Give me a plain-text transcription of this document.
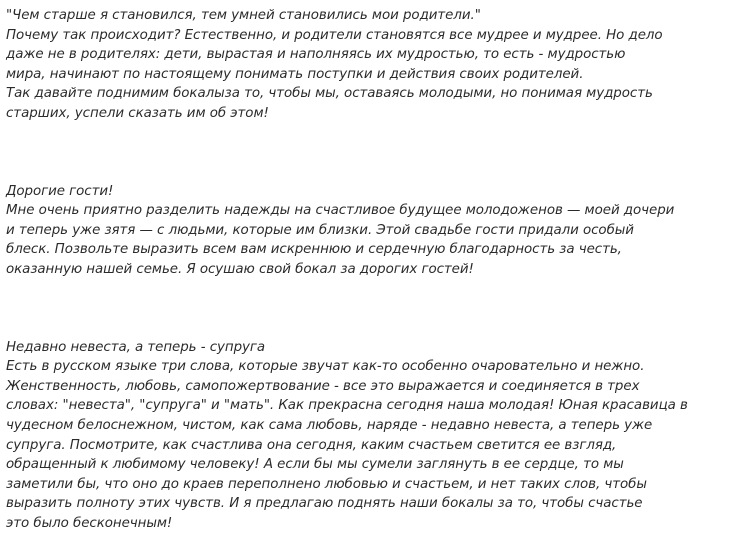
"Чем старше я становился, тем умней становились мои родители."
Почему так происходит? Естественно, и родители становятся все мудрее и мудрее. Но дело
даже не в родителях: дети, вырастая и наполняясь их мудростью, то есть - мудростью
мира, начинают по настоящему понимать поступки и действия своих родителей.
Так давайте поднимим бокалыза то, чтобы мы, оставаясь молодыми, но понимая мудрость
старших, успели сказать им об этом!
Дорогие гости!
Мне очень приятно разделить надежды на счастливое будущее молодоженов — моей дочери
и теперь уже зятя — с людьми, которые им близки. Этой свадьбе гости придали особый
блеск. Позвольте выразить всем вам искреннюю и сердечную благодарность за честь,
оказанную нашей семье. Я осушаю свой бокал за дорогих гостей!
Недавно невеста, а теперь - супруга
Есть в русском языке три слова, которые звучат как-то особенно очаровательно и нежно.
Женственность, любовь, самопожертвование - все это выражается и соединяется в трех
словах: "невеста", "супруга" и "мать". Как прекрасна сегодня наша молодая! Юная красавица в
чудесном белоснежном, чистом, как сама любовь, наряде - недавно невеста, а теперь уже
супруга. Посмотрите, как счастлива она сегодня, каким счастьем светится ее взгляд,
обращенный к любимому человеку! А если бы мы сумели заглянуть в ее сердце, то мы
заметили бы, что оно до краев переполнено любовью и счастьем, и нет таких слов, чтобы
выразить полноту этих чувств. И я предлагаю поднять наши бокалы за то, чтобы счастье
это было бесконечным!
